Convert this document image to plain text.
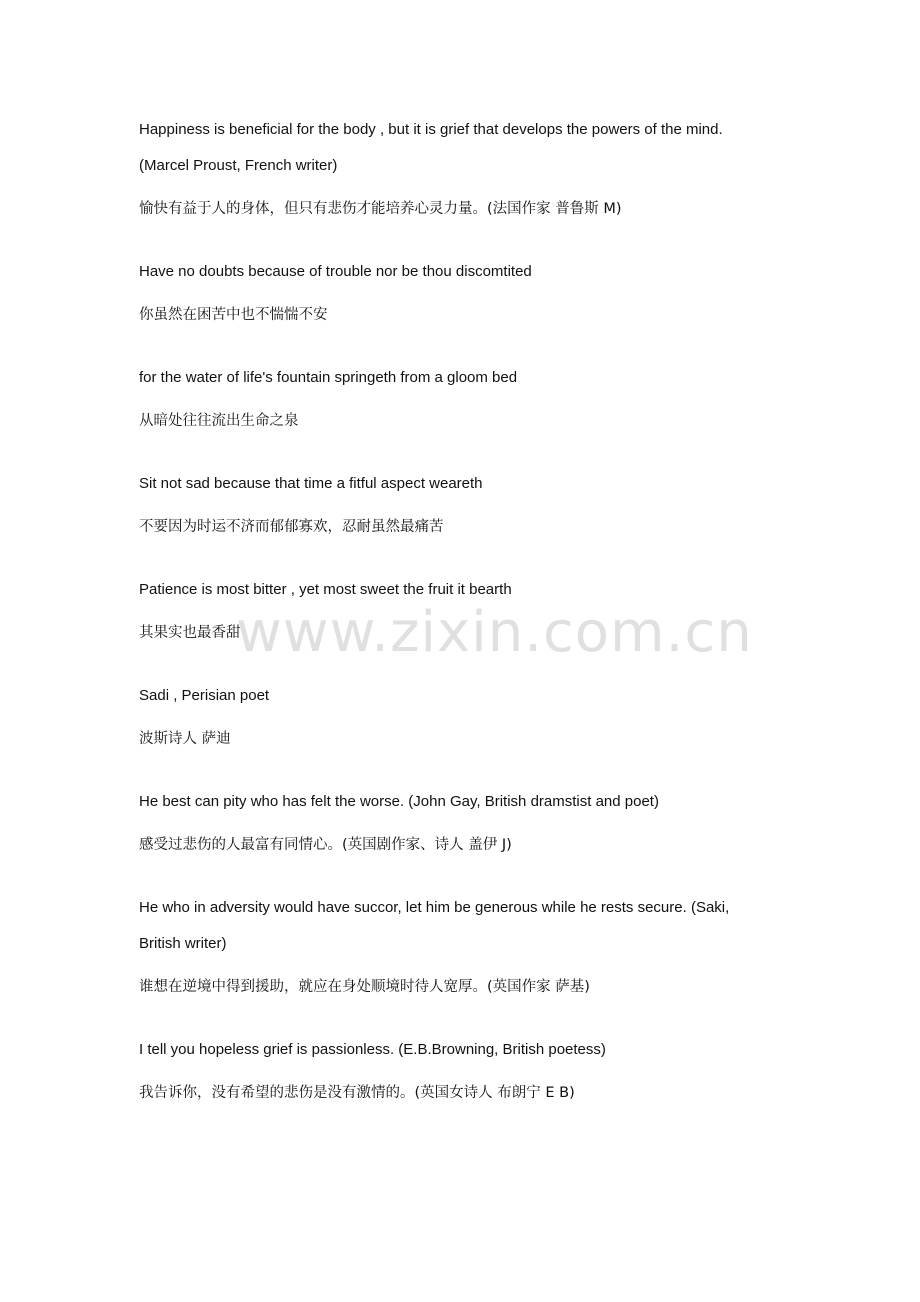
Happiness is beneficial for the body , but it is grief that develops the powers of the mind.
(Marcel Proust, French writer)
愉快有益于人的身体，但只有悲伤才能培养心灵力量。(法国作家 普鲁斯 M)
Have no doubts because of trouble nor be thou discomtited
你虽然在困苦中也不惴惴不安
for the water of life's fountain springeth from a gloom bed
从暗处往往流出生命之泉
Sit not sad because that time a fitful aspect weareth
不要因为时运不济而郁郁寡欢，忍耐虽然最痛苦
Patience is most bitter , yet most sweet the fruit it bearth
其果实也最香甜
Sadi , Perisian poet
波斯诗人 萨迪
He best can pity who has felt the worse. (John Gay, British dramstist and poet)
感受过悲伤的人最富有同情心。(英国剧作家、诗人 盖伊 J)
He who in adversity would have succor, let him be generous while he rests secure. (Saki,
British writer)
谁想在逆境中得到援助，就应在身处顺境时待人宽厚。(英国作家 萨基)
I tell you hopeless grief is passionless. (E.B.Browning, British poetess)
我告诉你，没有希望的悲伤是没有激情的。(英国女诗人 布朗宁 E B)
www.zixin.com.cn
